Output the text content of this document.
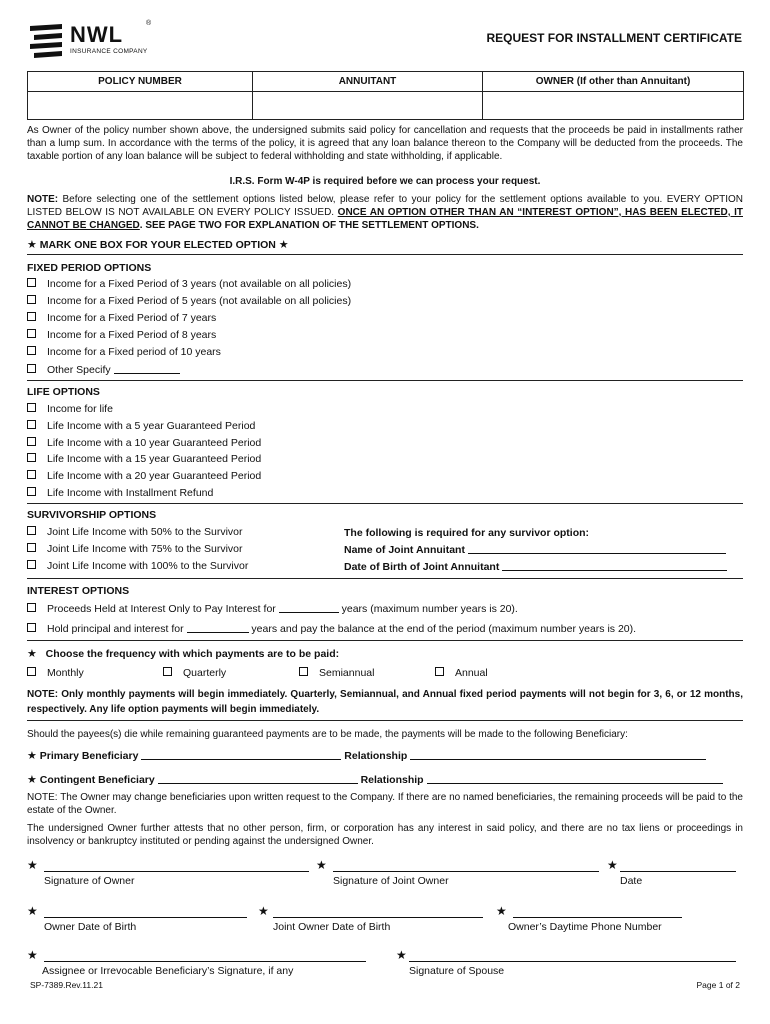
NWL	®
INSURANCE COMPANY
REQUEST FOR INSTALLMENT CERTIFICATE
POLICY NUMBER	ANNUITANT	OWNER (If other than Annuitant)

As Owner of the policy number shown above, the undersigned submits said policy for cancellation and requests that the proceeds be paid in installments rather than a lump sum. In accordance with the terms of the policy, it is agreed that any loan balance thereon to the Company will be deducted from the proceeds. The taxable portion of any loan balance will be subject to federal withholding and state withholding, if applicable.
I.R.S. Form W-4P is required before we can process your request.
NOTE: Before selecting one of the settlement options listed below, please refer to your policy for the settlement options available to you. EVERY OPTION LISTED BELOW IS NOT AVAILABLE ON EVERY POLICY ISSUED. ONCE AN OPTION OTHER THAN AN “INTEREST OPTION”, HAS BEEN ELECTED, IT CANNOT BE CHANGED. SEE PAGE TWO FOR EXPLANATION OF THE SETTLEMENT OPTIONS.
★ MARK ONE BOX FOR YOUR ELECTED OPTION ★
FIXED PERIOD OPTIONS
Income for a Fixed Period of 3 years (not available on all policies)
Income for a Fixed Period of 5 years (not available on all policies)
Income for a Fixed Period of 7 years
Income for a Fixed Period of 8 years
Income for a Fixed period of 10 years
Other Specify
LIFE OPTIONS
Income for life
Life Income with a 5 year Guaranteed Period
Life Income with a 10 year Guaranteed Period
Life Income with a 15 year Guaranteed Period
Life Income with a 20 year Guaranteed Period
Life Income with Installment Refund
SURVIVORSHIP OPTIONS
Joint Life Income with 50% to the Survivor
Joint Life Income with 75% to the Survivor
Joint Life Income with 100% to the Survivor
The following is required for any survivor option:
Name of Joint Annuitant
Date of Birth of Joint Annuitant
INTEREST OPTIONS
Proceeds Held at Interest Only to Pay Interest for	years (maximum number years is 20).
Hold principal and interest for	years and pay the balance at the end of the period (maximum number years is 20).
★ Choose the frequency with which payments are to be paid:
Monthly	Quarterly	Semiannual	Annual
NOTE: Only monthly payments will begin immediately. Quarterly, Semiannual, and Annual fixed period payments will not begin for 3, 6, or 12 months, respectively. Any life option payments will begin immediately.
Should the payees(s) die while remaining guaranteed payments are to be made, the payments will be made to the following Beneficiary:
★ Primary Beneficiary	Relationship
★ Contingent Beneficiary	Relationship
NOTE: The Owner may change beneficiaries upon written request to the Company. If there are no named beneficiaries, the remaining proceeds will be paid to the estate of the Owner.
The undersigned Owner further attests that no other person, firm, or corporation has any interest in said policy, and there are no tax liens or proceedings in insolvency or bankruptcy instituted or pending against the undersigned Owner.
★
Signature of Owner
★
Signature of Joint Owner
★
Date
★
Owner Date of Birth
★
Joint Owner Date of Birth
★
Owner’s Daytime Phone Number
★
Assignee or Irrevocable Beneficiary’s Signature, if any
★
Signature of Spouse
SP-7389.Rev.11.21	Page 1 of 2
